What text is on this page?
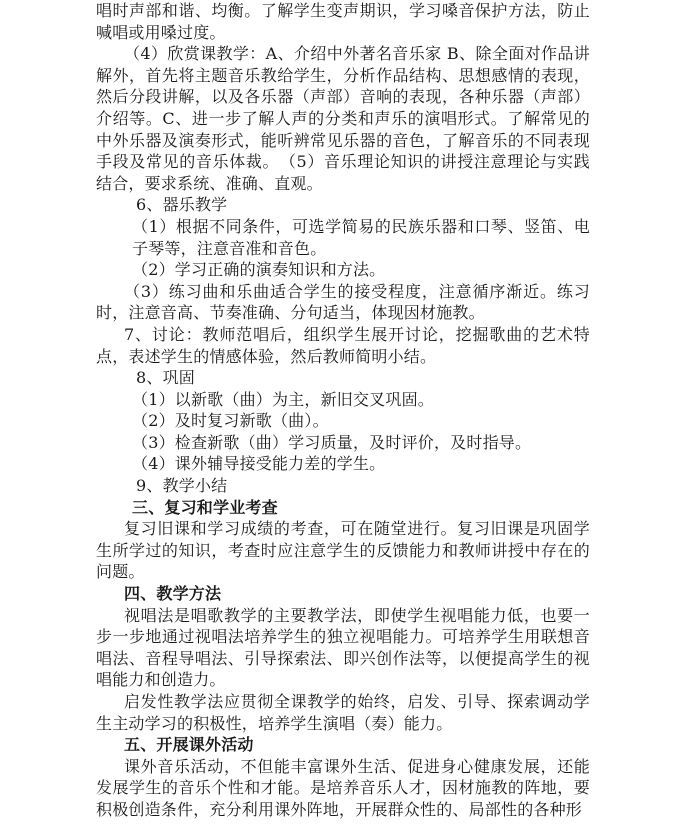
唱时声部和谐、均衡。了解学生变声期识，学习嗓音保护方法，防止喊唱或用嗓过度。

（4）欣赏课教学：A、介绍中外著名音乐家 B、除全面对作品讲解外，首先将主题音乐教给学生，分析作品结构、思想感情的表现，然后分段讲解，以及各乐器（声部）音响的表现，各种乐器（声部）介绍等。C、进一步了解人声的分类和声乐的演唱形式。了解常见的中外乐器及演奏形式，能听辨常见乐器的音色，了解音乐的不同表现手段及常见的音乐体裁。　（5）音乐理论知识的讲授注意理论与实践结合，要求系统、准确、直观。

6、器乐教学

（1）根据不同条件，可选学简易的民族乐器和口琴、竖笛、电子琴等，注意音准和音色。

（2）学习正确的演奏知识和方法。

（3）练习曲和乐曲适合学生的接受程度，注意循序渐近。练习时，注意音高、节奏准确、分句适当，体现因材施教。

7、讨论：教师范唱后，组织学生展开讨论，挖掘歌曲的艺术特点，表述学生的情感体验，然后教师简明小结。

8、巩固

（1）以新歌（曲）为主，新旧交叉巩固。

（2）及时复习新歌（曲）。

（3）检查新歌（曲）学习质量，及时评价，及时指导。

（4）课外辅导接受能力差的学生。

9、教学小结

三、复习和学业考查

复习旧课和学习成绩的考查，可在随堂进行。复习旧课是巩固学生所学过的知识，考查时应注意学生的反馈能力和教师讲授中存在的问题。

四、教学方法

视唱法是唱歌教学的主要教学法，即使学生视唱能力低，也要一步一步地通过视唱法培养学生的独立视唱能力。可培养学生用联想音唱法、音程导唱法、引导探索法、即兴创作法等，以便提高学生的视唱能力和创造力。

启发性教学法应贯彻全课教学的始终，启发、引导、探索调动学生主动学习的积极性，培养学生演唱（奏）能力。

五、开展课外活动

课外音乐活动，不但能丰富课外生活、促进身心健康发展，还能发展学生的音乐个性和才能。是培养音乐人才，因材施教的阵地，要积极创造条件，充分利用课外阵地，开展群众性的、局部性的各种形
